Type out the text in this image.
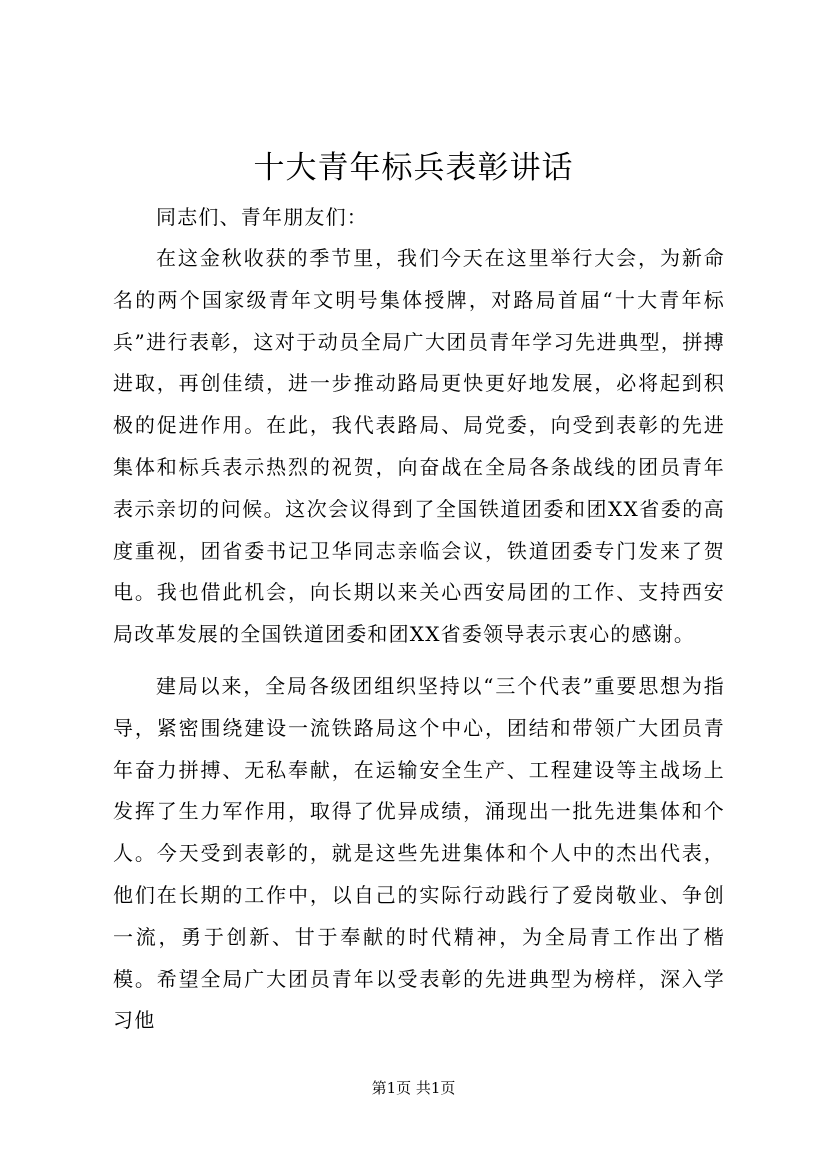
十大青年标兵表彰讲话

同志们、青年朋友们：

在这金秋收获的季节里，我们今天在这里举行大会，为新命名的两个国家级青年文明号集体授牌，对路局首届“十大青年标兵”进行表彰，这对于动员全局广大团员青年学习先进典型，拼搏进取，再创佳绩，进一步推动路局更快更好地发展，必将起到积极的促进作用。在此，我代表路局、局党委，向受到表彰的先进集体和标兵表示热烈的祝贺，向奋战在全局各条战线的团员青年表示亲切的问候。这次会议得到了全国铁道团委和团XX省委的高度重视，团省委书记卫华同志亲临会议，铁道团委专门发来了贺电。我也借此机会，向长期以来关心西安局团的工作、支持西安局改革发展的全国铁道团委和团XX省委领导表示衷心的感谢。

建局以来，全局各级团组织坚持以“三个代表”重要思想为指导，紧密围绕建设一流铁路局这个中心，团结和带领广大团员青年奋力拼搏、无私奉献，在运输安全生产、工程建设等主战场上发挥了生力军作用，取得了优异成绩，涌现出一批先进集体和个人。今天受到表彰的，就是这些先进集体和个人中的杰出代表，他们在长期的工作中，以自己的实际行动践行了爱岗敬业、争创一流，勇于创新、甘于奉献的时代精神，为全局青工作出了楷模。希望全局广大团员青年以受表彰的先进典型为榜样，深入学习他

第1页 共1页
